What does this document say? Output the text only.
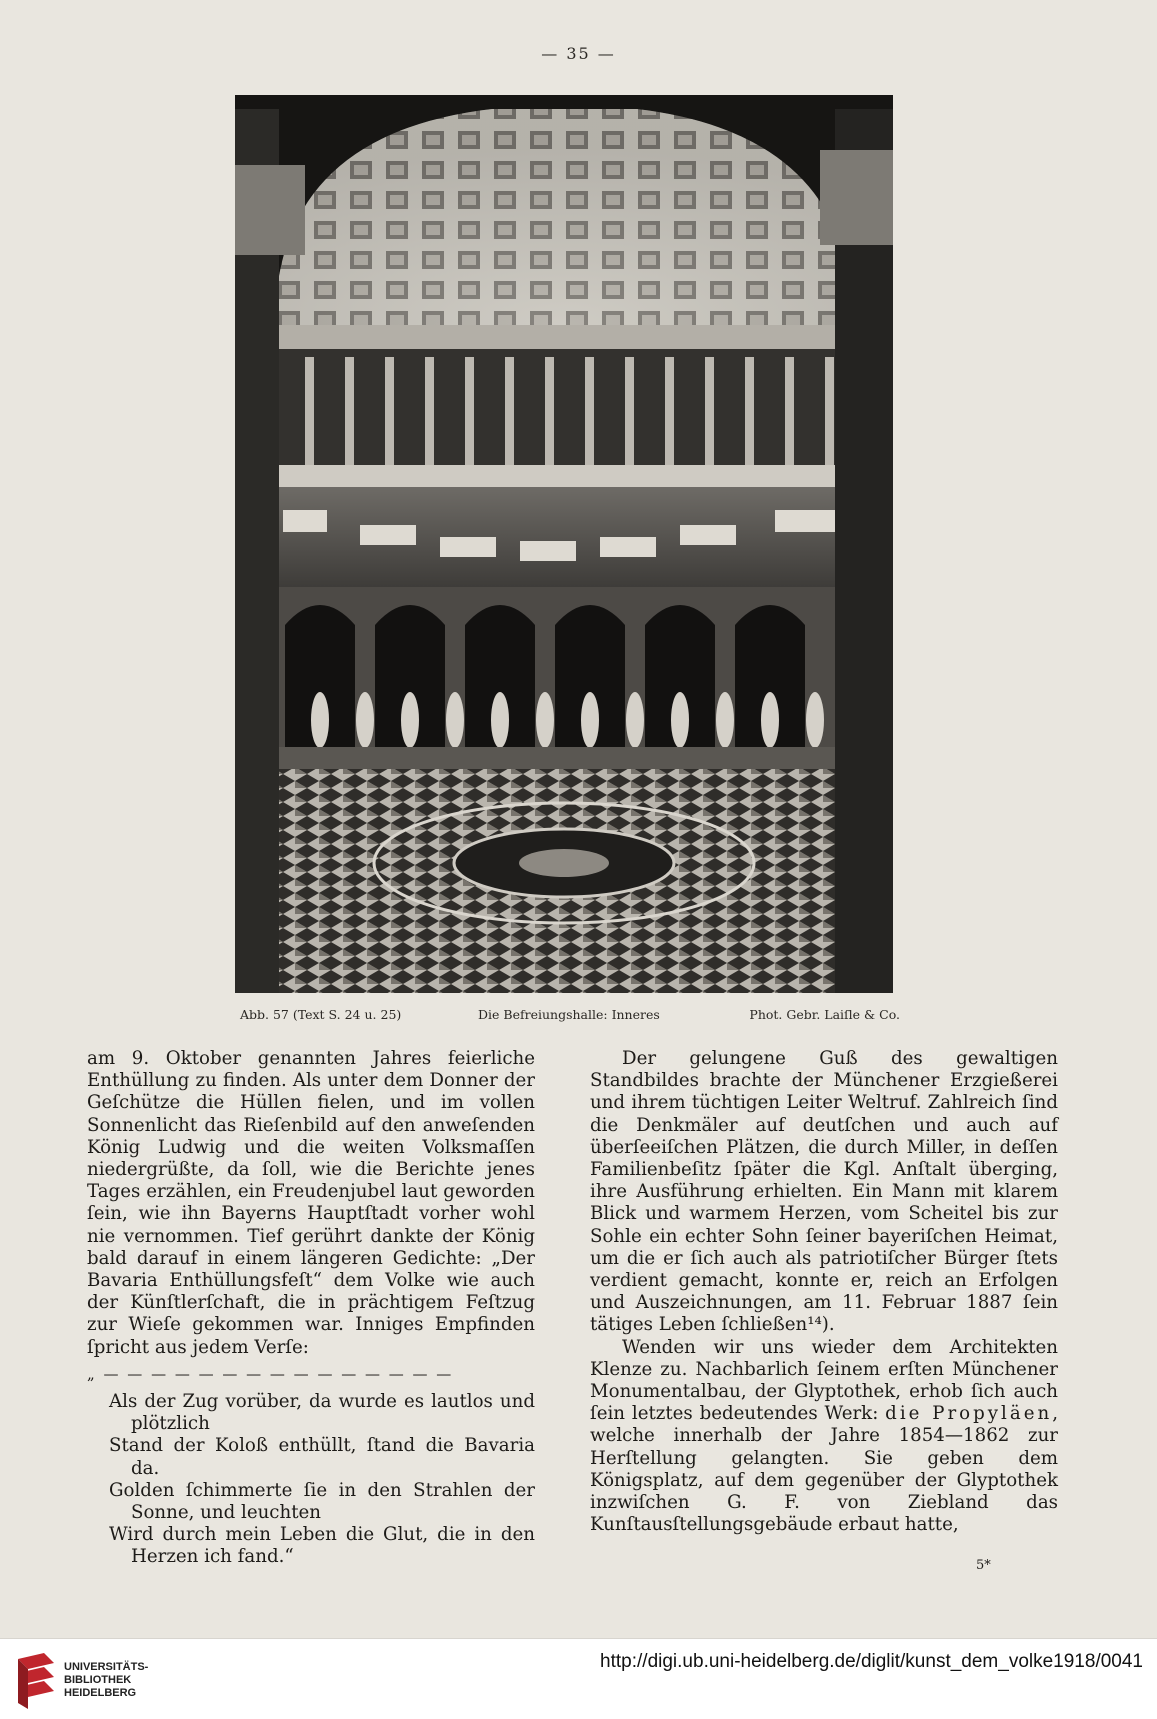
— 35 —
Abb. 57 (Text S. 24 u. 25)	Die Befreiungshalle: Inneres	Phot. Gebr. Laiſle & Co.

am 9. Oktober genannten Jahres feierliche Enthüllung zu finden. Als unter dem Donner der Geſchütze die Hüllen fielen, und im vollen Sonnenlicht das Rieſenbild auf den anweſenden König Ludwig und die weiten Volksmaſſen niedergrüßte, da ſoll, wie die Berichte jenes Tages erzählen, ein Freudenjubel laut geworden ſein, wie ihn Bayerns Hauptſtadt vorher wohl nie vernommen. Tief gerührt dankte der König bald darauf in einem längeren Gedichte: „Der Bavaria Enthüllungsfeſt“ dem Volke wie auch der Künſtlerſchaft, die in prächtigem Feſtzug zur Wieſe gekommen war. Inniges Empfinden ſpricht aus jedem Verſe:

„ — — — — — — — — — — — — — — —

Als der Zug vorüber, da wurde es lautlos und plötzlich

Stand der Koloß enthüllt, ſtand die Bavaria da.

Golden ſchimmerte ſie in den Strahlen der Sonne, und leuchten

Wird durch mein Leben die Glut, die in den Herzen ich fand.“

Der gelungene Guß des gewaltigen Standbildes brachte der Münchener Erzgießerei und ihrem tüchtigen Leiter Weltruf. Zahlreich ſind die Denkmäler auf deutſchen und auch auf überſeeiſchen Plätzen, die durch Miller, in deſſen Familienbeſitz ſpäter die Kgl. Anſtalt überging, ihre Ausführung erhielten. Ein Mann mit klarem Blick und warmem Herzen, vom Scheitel bis zur Sohle ein echter Sohn ſeiner bayeriſchen Heimat, um die er ſich auch als patriotiſcher Bürger ſtets verdient gemacht, konnte er, reich an Erfolgen und Auszeichnungen, am 11. Februar 1887 ſein tätiges Leben ſchließen¹⁴).

Wenden wir uns wieder dem Architekten Klenze zu. Nachbarlich ſeinem erſten Münchener Monumentalbau, der Glyptothek, erhob ſich auch ſein letztes bedeutendes Werk: die Propyläen, welche innerhalb der Jahre 1854—1862 zur Herſtellung gelangten. Sie geben dem Königsplatz, auf dem gegenüber der Glyptothek inzwiſchen G. F. von Ziebland das Kunſtausſtellungsgebäude erbaut hatte,

5*
UNIVERSITÄTS-
BIBLIOTHEK
HEIDELBERG
http://digi.ub.uni-heidelberg.de/diglit/kunst_dem_volke1918/0041
